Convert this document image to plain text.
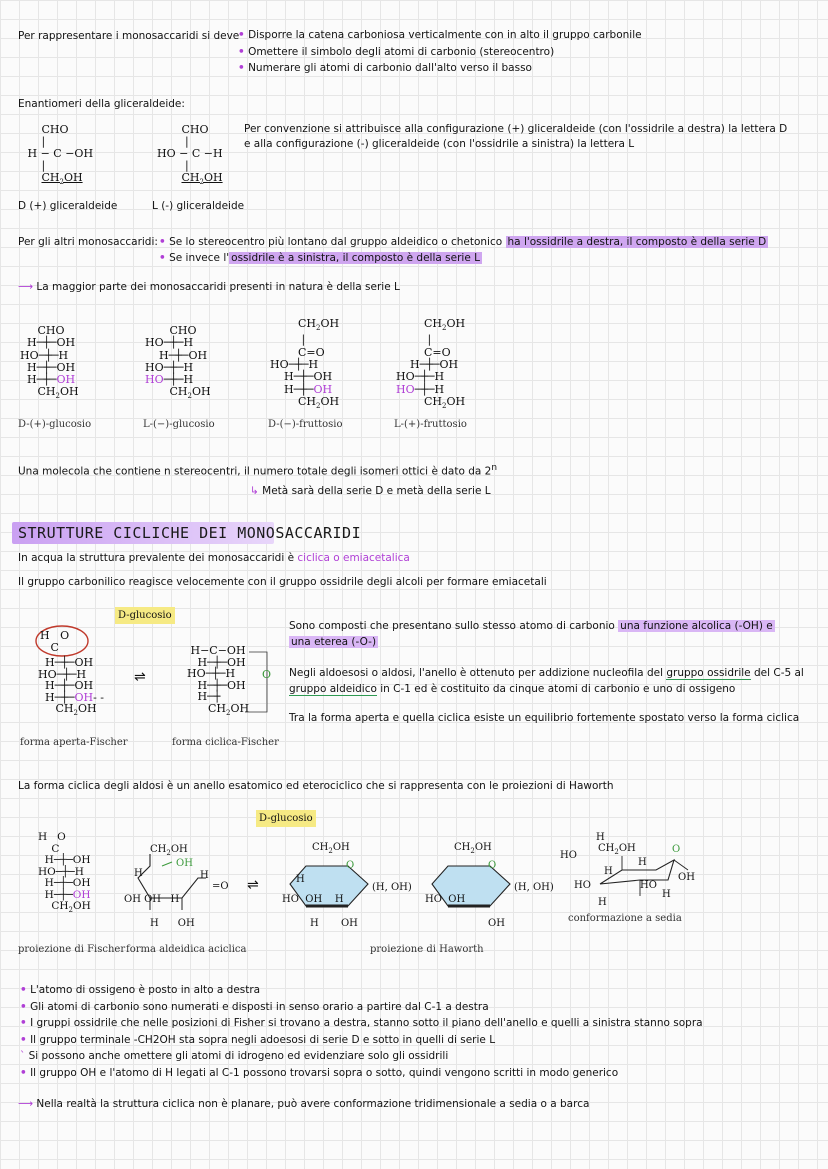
Per rappresentare i monosaccaridi si deve
• Disporre la catena carboniosa verticalmente con in alto il gruppo carbonile
• Omettere il simbolo degli atomi di carbonio (stereocentro)
• Numerare gli atomi di carbonio dall'alto verso il basso
Enantiomeri della gliceraldeide:
CHO
|
H − C −OH
|
$CH_2OH$
CHO
|
HO − C −H
|
$CH_2OH$
D (+) gliceraldeide	L (-) gliceraldeide
Per convenzione si attribuisce alla configurazione (+) gliceraldeide (con l'ossidrile a destra) la lettera D
e alla configurazione (-) gliceraldeide (con l'ossidrile a sinistra) la lettera L
Per gli altri monosaccaridi: • Se lo stereocentro più lontano dal gruppo aldeidico o chetonico ha l'ossidrile a destra, il composto è della serie D
• Se invece l' ossidrile è a sinistra, il composto è della serie L
⟶ La maggior parte dei monosaccaridi presenti in natura è della serie L
CHO
H─┼─OH
HO─┼─H
H─┼─OH
H─┼─OH
$CH_2OH$
D-(+)-glucosio
CHO
HO─┼─H
H─┼─OH
HO─┼─H
HO─┼─H
$CH_2OH$
L-(−)-glucosio
$CH_2OH$
|
C=O
HO─┼─H
H─┼─OH
H─┼─OH
$CH_2OH$
D-(−)-fruttosio
$CH_2OH$
|
C=O
H─┼─OH
HO─┼─H
HO─┼─H
$CH_2OH$
L-(+)-fruttosio
Una molecola che contiene n stereocentri, il numero totale degli isomeri ottici è dato da 2$^n$
↳ Metà sarà della serie D e metà della serie L
STRUTTURE CICLICHE DEI MONOSACCARIDI
In acqua la struttura prevalente dei monosaccaridi è ciclica o emiacetalica
Il gruppo carbonilico reagisce velocemente con il gruppo ossidrile degli alcoli per formare emiacetali
D-glucosio
H   O
C
H─┼─OH
HO─┼─H
H─┼─OH
H─┼─OH- -
$CH_2OH$
forma aperta-Fischer
⇌
H−C−OH
H─┼─OH
HO─┼─H
H─┼─OH
H─┼
$CH_2OH$
O
forma ciclica-Fischer
Sono composti che presentano sullo stesso atomo di carbonio una funzione alcolica (-OH) e
una eterea (-O-)
Negli aldoesosi o aldosi, l'anello è ottenuto per addizione nucleofila del gruppo ossidrile del C-5 al
gruppo aldeidico in C-1 ed è costituito da cinque atomi di carbonio e uno di ossigeno
Tra la forma aperta e quella ciclica esiste un equilibrio fortemente spostato verso la forma ciclica
La forma ciclica degli aldosi è un anello esatomico ed eterociclico che si rappresenta con le proiezioni di Haworth
D-glucosio
H   O
C
H─┼─OH
HO─┼─H
H─┼─OH
H─┼─OH
$CH_2OH$
proiezione di Fischer
$CH_2OH$
OH
H	H
=O
OH OH   H
H      OH
forma aldeidica aciclica
⇌
$CH_2OH$
O
H
HO  OH    H
(H, OH)
H       OH
proiezione di Haworth
$CH_2OH$
O
HO  OH
(H, OH)
OH
H
HO
$CH_2OH$	O
H
H
OH
HO	HO
H
H
conformazione a sedia
• L'atomo di ossigeno è posto in alto a destra
• Gli atomi di carbonio sono numerati e disposti in senso orario a partire dal C-1 a destra
• I gruppi ossidrile che nelle posizioni di Fisher si trovano a destra, stanno sotto il piano dell'anello e quelli a sinistra stanno sopra
• Il gruppo terminale -CH2OH sta sopra negli adoesosi di serie D e sotto in quelli di serie L
ˋ Si possono anche omettere gli atomi di idrogeno ed evidenziare solo gli ossidrili
• Il gruppo OH e l'atomo di H legati al C-1 possono trovarsi sopra o sotto, quindi vengono scritti in modo generico
⟶ Nella realtà la struttura ciclica non è planare, può avere conformazione tridimensionale a sedia o a barca
